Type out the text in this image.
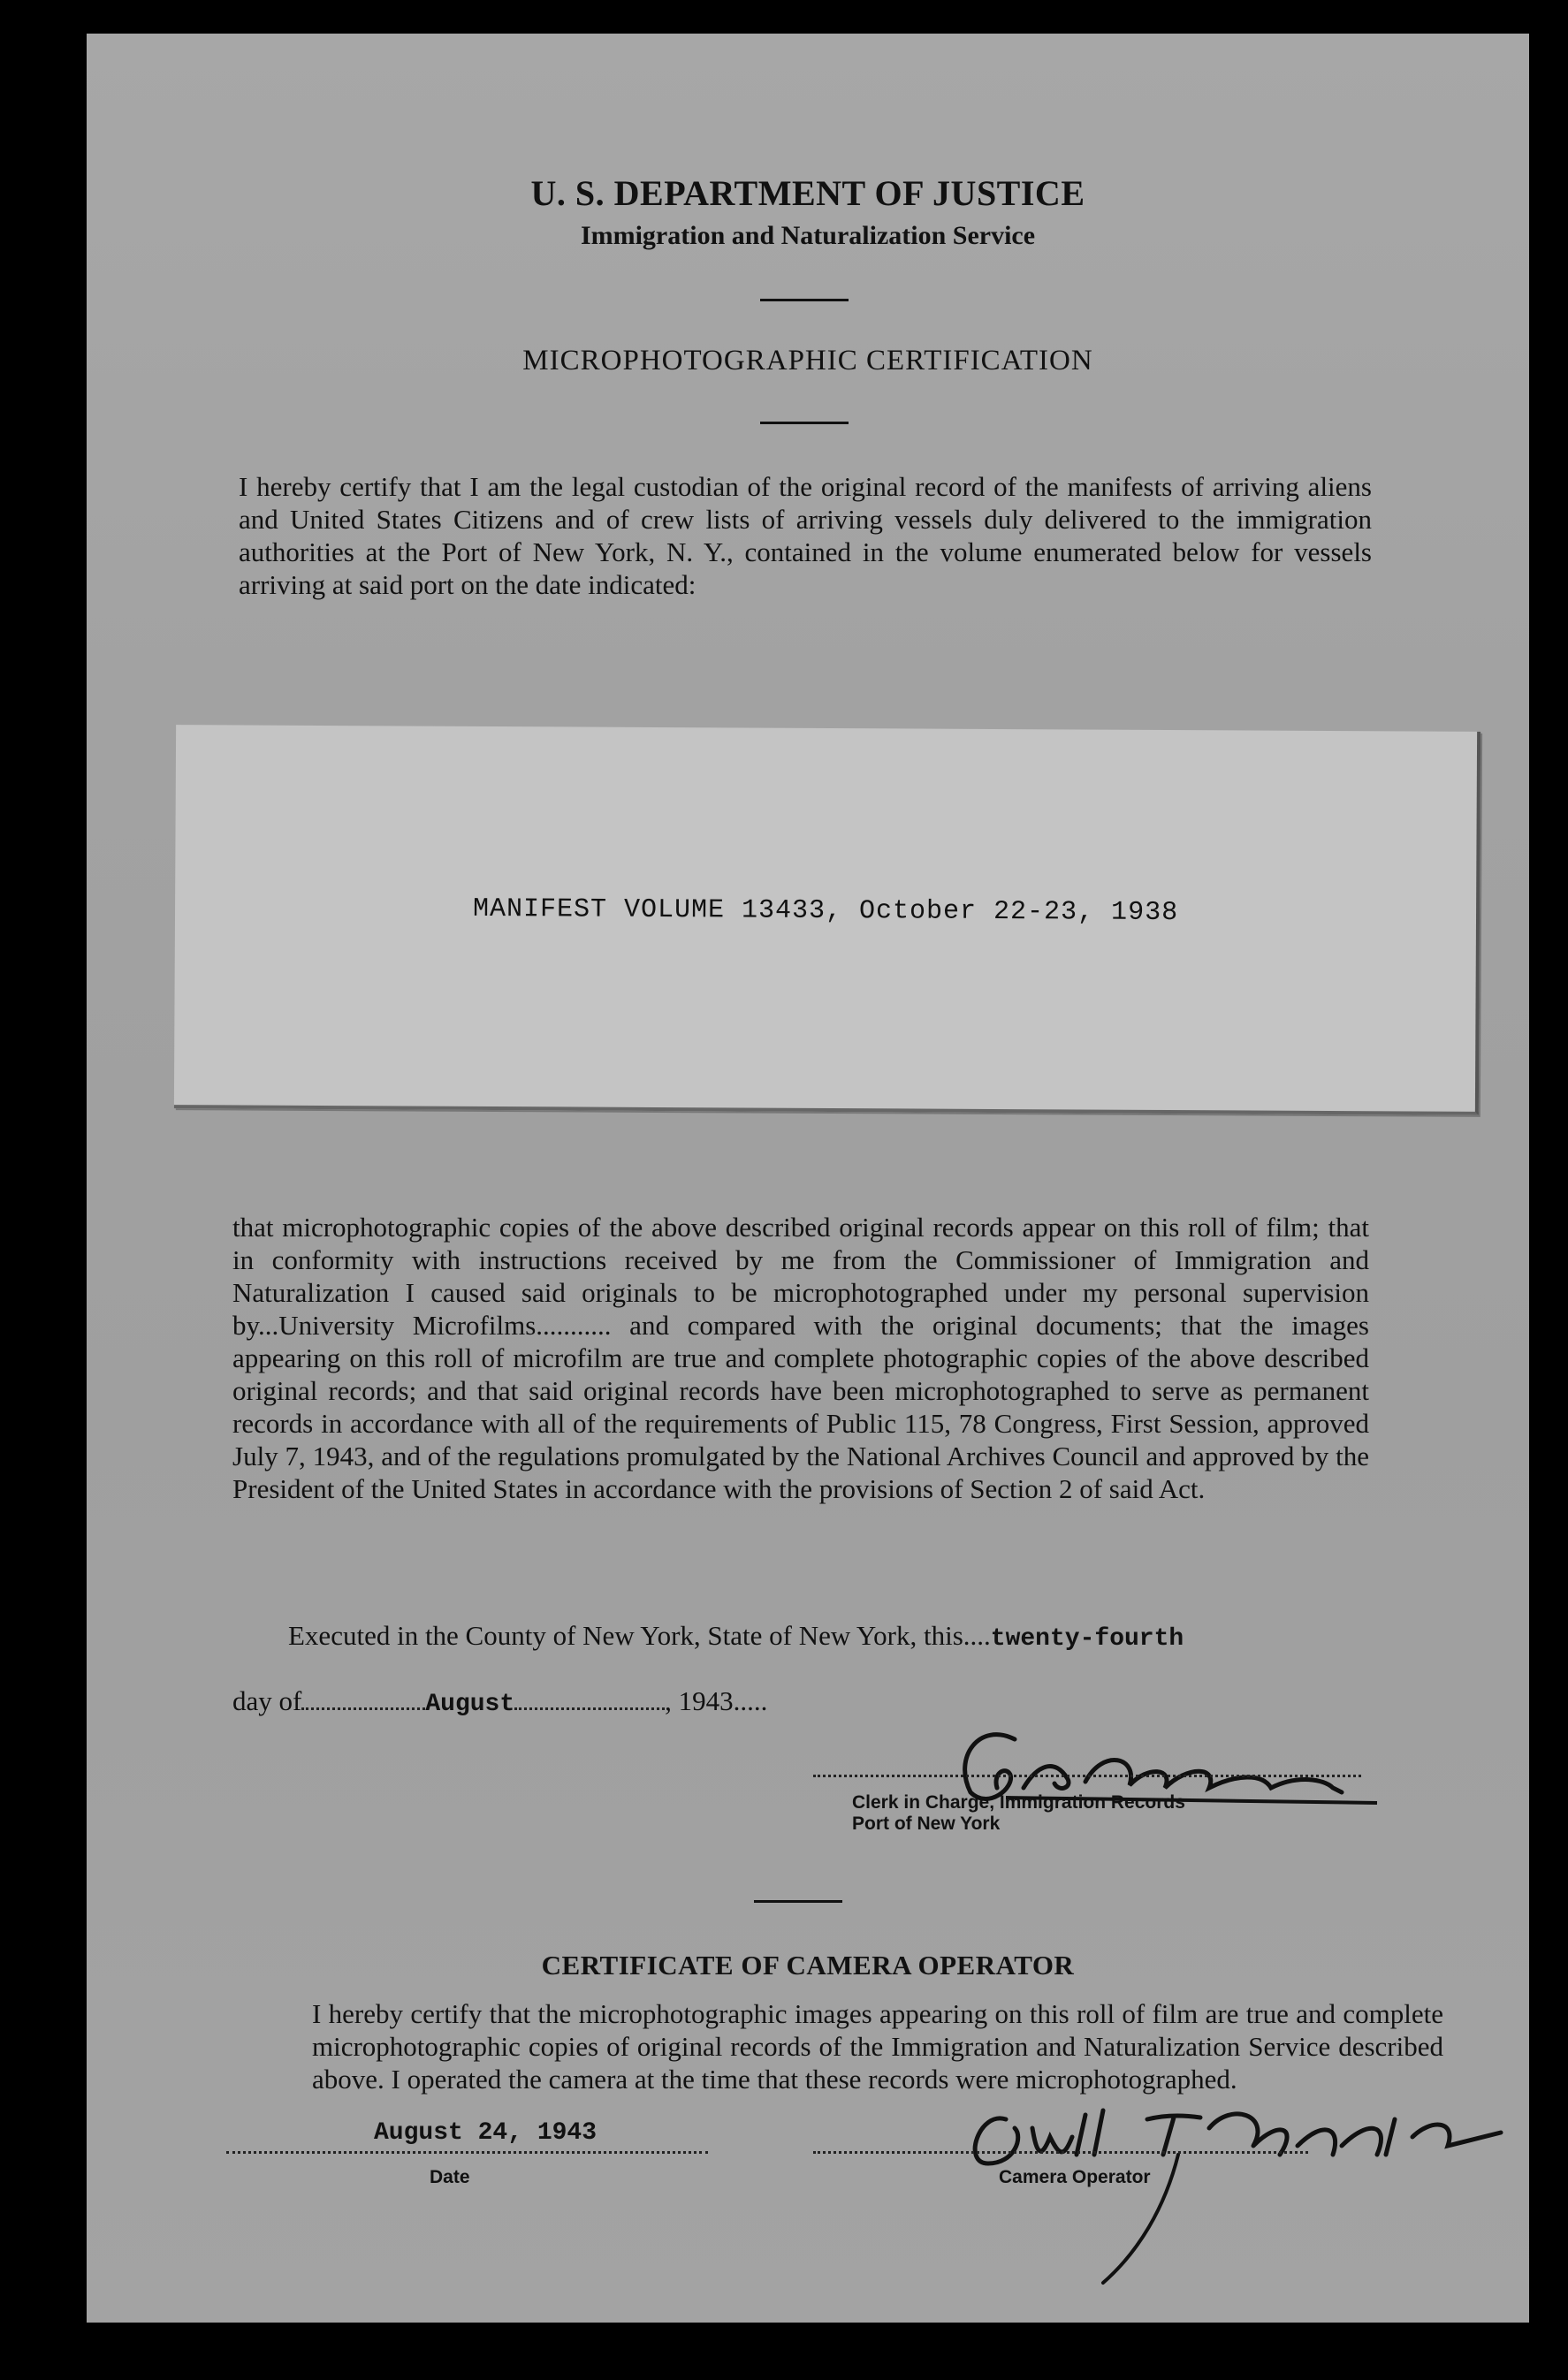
U. S. DEPARTMENT OF JUSTICE
Immigration and Naturalization Service
MICROPHOTOGRAPHIC CERTIFICATION
I hereby certify that I am the legal custodian of the original record of the manifests of arriving aliens and United States Citizens and of crew lists of arriving vessels duly delivered to the immigration authorities at the Port of New York, N. Y., contained in the volume enumerated below for vessels arriving at said port on the date indicated:
MANIFEST VOLUME 13433, October 22-23, 1938
that microphotographic copies of the above described original records appear on this roll of film; that in conformity with instructions received by me from the Commissioner of Immigration and Naturalization I caused said originals to be microphotographed under my personal supervision by...University Microfilms........... and compared with the original documents; that the images appearing on this roll of microfilm are true and complete photographic copies of the above described original records; and that said original records have been microphotographed to serve as permanent records in accordance with all of the requirements of Public 115, 78 Congress, First Session, approved July 7, 1943, and of the regulations promulgated by the National Archives Council and approved by the President of the United States in accordance with the provisions of Section 2 of said Act.
Executed in the County of New York, State of New York, this....twenty-fourth
day of	August	, 1943.....
Clerk in Charge, Immigration Records
Port of New York
CERTIFICATE OF CAMERA OPERATOR
I hereby certify that the microphotographic images appearing on this roll of film are true and complete microphotographic copies of original records of the Immigration and Naturalization Service described above. I operated the camera at the time that these records were microphotographed.
August 24, 1943
Date	Camera Operator
